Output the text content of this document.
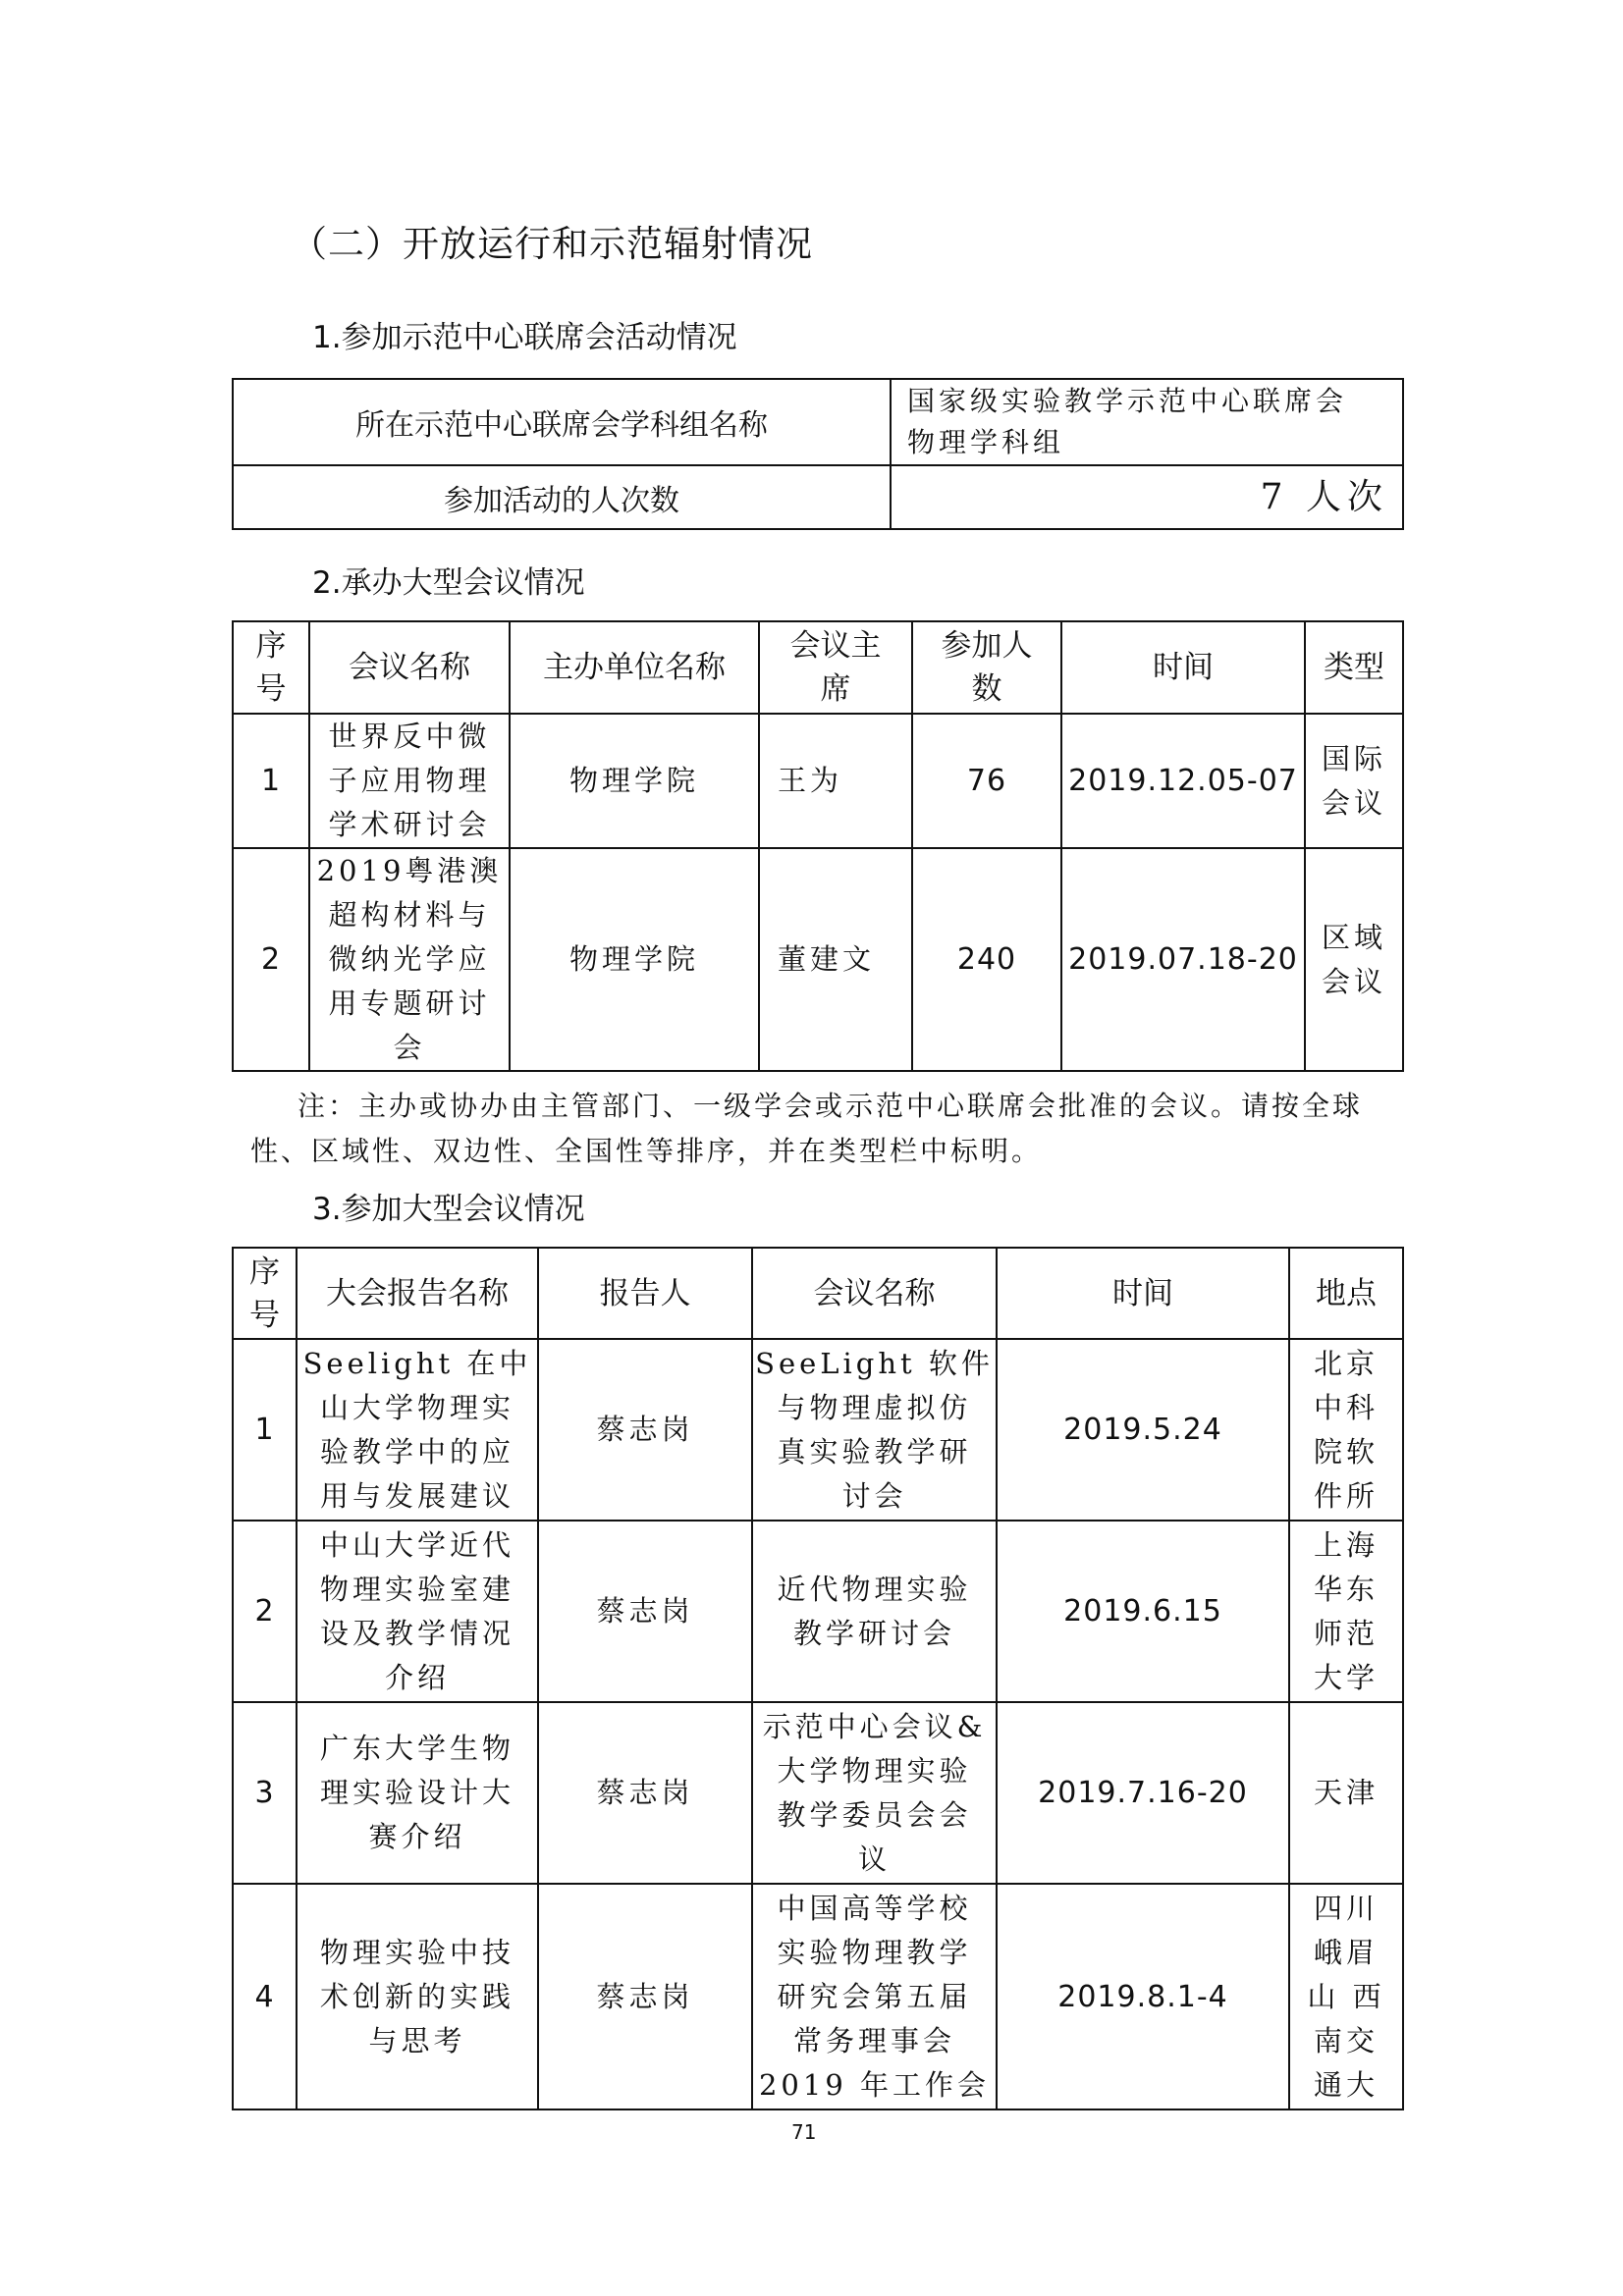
（二）开放运行和示范辐射情况
1.参加示范中心联席会活动情况
所在示范中心联席会学科组名称	国家级实验教学示范中心联席会
物理学科组

参加活动的人次数	7 人次
2.承办大型会议情况
序
号	会议名称	主办单位名称	会议主
席	参加人
数	时间	类型
1	世界反中微
子应用物理
学术研讨会	物理学院	王为	76	2019.12.05-07	国际
会议

2	2019粤港澳
超构材料与
微纳光学应
用专题研讨
会	物理学院	董建文	240	2019.07.18-20	区域
会议
注：主办或协办由主管部门、一级学会或示范中心联席会批准的会议。请按全球性、区域性、双边性、全国性等排序，并在类型栏中标明。
3.参加大型会议情况
序
号	大会报告名称	报告人	会议名称	时间	地点
1	Seelight 在中
山大学物理实
验教学中的应
用与发展建议	蔡志岗	SeeLight 软件
与物理虚拟仿
真实验教学研
讨会	2019.5.24	北京
中科
院软
件所

2	中山大学近代
物理实验室建
设及教学情况
介绍	蔡志岗	近代物理实验
教学研讨会	2019.6.15	上海
华东
师范
大学

3	广东大学生物
理实验设计大
赛介绍	蔡志岗	示范中心会议&
大学物理实验
教学委员会会
议	2019.7.16-20	天津

4	物理实验中技
术创新的实践
与思考	蔡志岗	中国高等学校
实验物理教学
研究会第五届
常务理事会
2019 年工作会	2019.8.1-4	四川
峨眉
山 西
南交
通大
71
